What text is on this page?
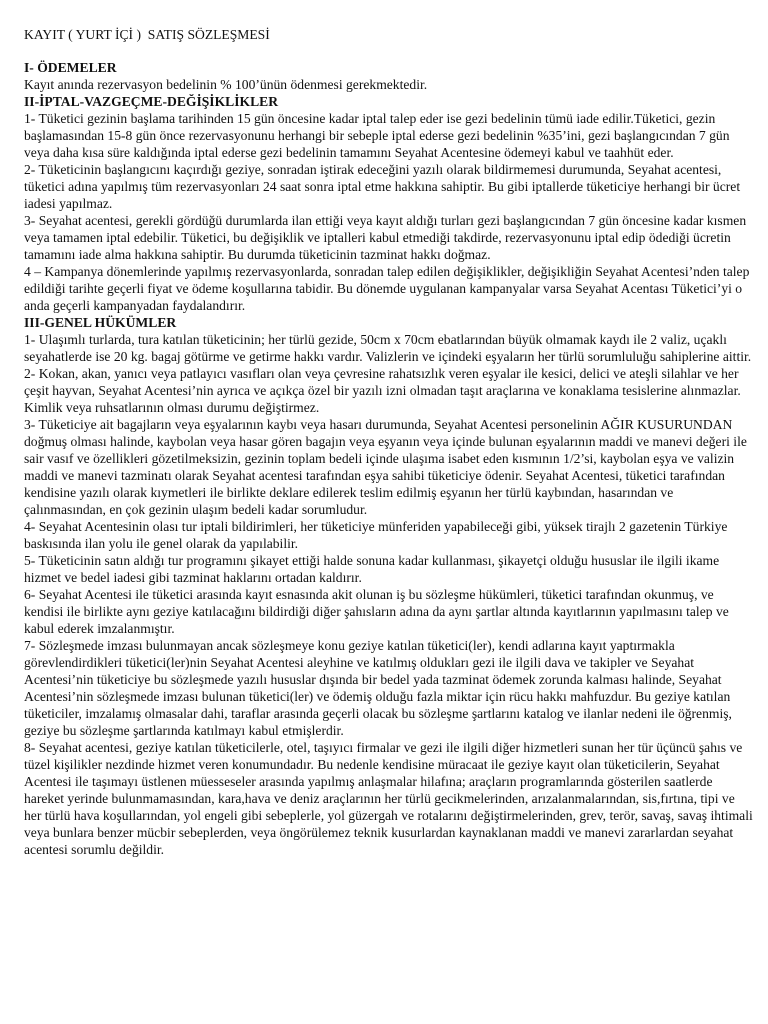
KAYIT ( YURT İÇİ )  SATIŞ SÖZLEŞMESİ
I- ÖDEMELER
Kayıt anında rezervasyon bedelinin % 100’ünün ödenmesi gerekmektedir.
II-İPTAL-VAZGEÇME-DEĞİŞİKLİKLER
1- Tüketici gezinin başlama tarihinden 15 gün öncesine kadar iptal talep eder ise gezi bedelinin tümü iade edilir.Tüketici, gezin başlamasından 15-8 gün önce rezervasyonunu herhangi bir sebeple iptal ederse gezi bedelinin %35’ini, gezi başlangıcından 7 gün veya daha kısa süre kaldığında iptal ederse gezi bedelinin tamamını Seyahat Acentesine ödemeyi kabul ve taahhüt eder.
2- Tüketicinin başlangıcını kaçırdığı geziye, sonradan iştirak edeceğini yazılı olarak bildirmemesi durumunda, Seyahat acentesi, tüketici adına yapılmış tüm rezervasyonları 24 saat sonra iptal etme hakkına sahiptir. Bu gibi iptallerde tüketiciye herhangi bir ücret iadesi yapılmaz.
3- Seyahat acentesi, gerekli gördüğü durumlarda ilan ettiği veya kayıt aldığı turları gezi başlangıcından 7 gün öncesine kadar kısmen veya tamamen iptal edebilir. Tüketici, bu değişiklik ve iptalleri kabul etmediği takdirde, rezervasyonunu iptal edip ödediği ücretin tamamını iade alma hakkına sahiptir. Bu durumda tüketicinin tazminat hakkı doğmaz.
4 – Kampanya dönemlerinde yapılmış rezervasyonlarda, sonradan talep edilen değişiklikler, değişikliğin Seyahat Acentesi’nden talep edildiği tarihte geçerli fiyat ve ödeme koşullarına tabidir. Bu dönemde uygulanan kampanyalar varsa Seyahat Acentası Tüketici’yi o anda geçerli kampanyadan faydalandırır.
III-GENEL HÜKÜMLER
1- Ulaşımlı turlarda, tura katılan tüketicinin; her türlü gezide, 50cm x 70cm ebatlarından büyük olmamak kaydı ile 2 valiz, uçaklı seyahatlerde ise 20 kg. bagaj götürme ve getirme hakkı vardır. Valizlerin ve içindeki eşyaların her türlü sorumluluğu sahiplerine aittir.
2- Kokan, akan, yanıcı veya patlayıcı vasıfları olan veya çevresine rahatsızlık veren eşyalar ile kesici, delici ve ateşli silahlar ve her çeşit hayvan, Seyahat Acentesi’nin ayrıca ve açıkça özel bir yazılı izni olmadan taşıt araçlarına ve konaklama tesislerine alınmazlar. Kimlik veya ruhsatlarının olması durumu değiştirmez.
3- Tüketiciye ait bagajların veya eşyalarının kaybı veya hasarı durumunda, Seyahat Acentesi personelinin AĞIR KUSURUNDAN doğmuş olması halinde, kaybolan veya hasar gören bagajın veya eşyanın veya içinde bulunan eşyalarının maddi ve manevi değeri ile sair vasıf ve özellikleri gözetilmeksizin, gezinin toplam bedeli içinde ulaşıma isabet eden kısmının 1/2’si, kaybolan eşya ve valizin maddi ve manevi tazminatı olarak Seyahat acentesi tarafından eşya sahibi tüketiciye ödenir. Seyahat Acentesi, tüketici tarafından kendisine yazılı olarak kıymetleri ile birlikte deklare edilerek teslim edilmiş eşyanın her türlü kaybından, hasarından ve çalınmasından, en çok gezinin ulaşım bedeli kadar sorumludur.
4- Seyahat Acentesinin olası tur iptali bildirimleri, her tüketiciye münferiden yapabileceği gibi, yüksek tirajlı 2 gazetenin Türkiye baskısında ilan yolu ile genel olarak da yapılabilir.
5- Tüketicinin satın aldığı tur programını şikayet ettiği halde sonuna kadar kullanması, şikayetçi olduğu hususlar ile ilgili ikame hizmet ve bedel iadesi gibi tazminat haklarını ortadan kaldırır.
6- Seyahat Acentesi ile tüketici arasında kayıt esnasında akit olunan iş bu sözleşme hükümleri, tüketici tarafından okunmuş, ve kendisi ile birlikte aynı geziye katılacağını bildirdiği diğer şahısların adına da aynı şartlar altında kayıtlarının yapılmasını talep ve kabul ederek imzalanmıştır.
7- Sözleşmede imzası bulunmayan ancak sözleşmeye konu geziye katılan tüketici(ler), kendi adlarına kayıt yaptırmakla görevlendirdikleri tüketici(ler)nin Seyahat Acentesi aleyhine ve katılmış oldukları gezi ile ilgili dava ve takipler ve Seyahat Acentesi’nin tüketiciye bu sözleşmede yazılı hususlar dışında bir bedel yada tazminat ödemek zorunda kalması halinde, Seyahat Acentesi’nin sözleşmede imzası bulunan tüketici(ler) ve ödemiş olduğu fazla miktar için rücu hakkı mahfuzdur. Bu geziye katılan tüketiciler, imzalamış olmasalar dahi, taraflar arasında geçerli olacak bu sözleşme şartlarını katalog ve ilanlar nedeni ile öğrenmiş, geziye bu sözleşme şartlarında katılmayı kabul etmişlerdir.
8- Seyahat acentesi, geziye katılan tüketicilerle, otel, taşıyıcı firmalar ve gezi ile ilgili diğer hizmetleri sunan her tür üçüncü şahıs ve tüzel kişilikler nezdinde hizmet veren konumundadır. Bu nedenle kendisine müracaat ile geziye kayıt olan tüketicilerin, Seyahat Acentesi ile taşımayı üstlenen müesseseler arasında yapılmış anlaşmalar hilafına; araçların programlarında gösterilen saatlerde hareket yerinde bulunmamasından, kara,hava ve deniz araçlarının her türlü gecikmelerinden, arızalanmalarından, sis,fırtına, tipi ve her türlü hava koşullarından, yol engeli gibi sebeplerle, yol güzergah ve rotalarını değiştirmelerinden, grev, terör, savaş, savaş ihtimali veya bunlara benzer mücbir sebeplerden, veya öngörülemez teknik kusurlardan kaynaklanan maddi ve manevi zararlardan seyahat acentesi sorumlu değildir.
